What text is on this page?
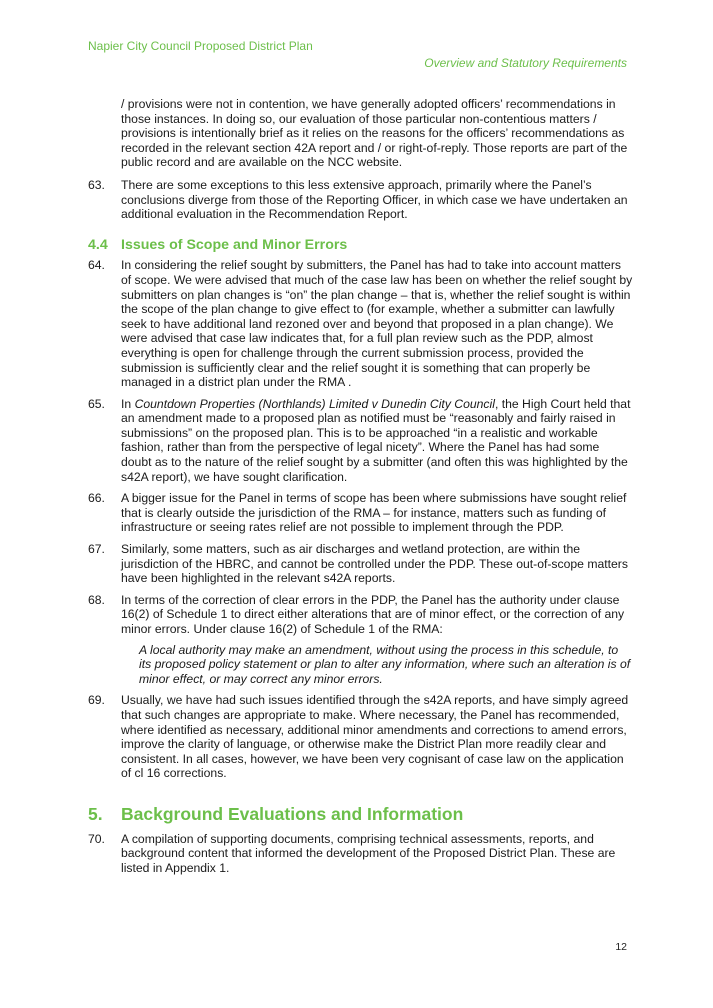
Napier City Council Proposed District Plan
Overview and Statutory Requirements
/ provisions were not in contention, we have generally adopted officers’ recommendations in those instances. In doing so, our evaluation of those particular non-contentious matters / provisions is intentionally brief as it relies on the reasons for the officers’ recommendations as recorded in the relevant section 42A report and / or right-of-reply. Those reports are part of the public record and are available on the NCC website.
63.	There are some exceptions to this less extensive approach, primarily where the Panel’s conclusions diverge from those of the Reporting Officer, in which case we have undertaken an additional evaluation in the Recommendation Report.
4.4 Issues of Scope and Minor Errors
64.	In considering the relief sought by submitters, the Panel has had to take into account matters of scope. We were advised that much of the case law has been on whether the relief sought by submitters on plan changes is “on” the plan change – that is, whether the relief sought is within the scope of the plan change to give effect to (for example, whether a submitter can lawfully seek to have additional land rezoned over and beyond that proposed in a plan change). We were advised that case law indicates that, for a full plan review such as the PDP, almost everything is open for challenge through the current submission process, provided the submission is sufficiently clear and the relief sought it is something that can properly be managed in a district plan under the RMA .
65.	In Countdown Properties (Northlands) Limited v Dunedin City Council, the High Court held that an amendment made to a proposed plan as notified must be “reasonably and fairly raised in submissions” on the proposed plan. This is to be approached “in a realistic and workable fashion, rather than from the perspective of legal nicety”. Where the Panel has had some doubt as to the nature of the relief sought by a submitter (and often this was highlighted by the s42A report), we have sought clarification.
66.	A bigger issue for the Panel in terms of scope has been where submissions have sought relief that is clearly outside the jurisdiction of the RMA – for instance, matters such as funding of infrastructure or seeing rates relief are not possible to implement through the PDP.
67.	Similarly, some matters, such as air discharges and wetland protection, are within the jurisdiction of the HBRC, and cannot be controlled under the PDP. These out-of-scope matters have been highlighted in the relevant s42A reports.
68.	In terms of the correction of clear errors in the PDP, the Panel has the authority under clause 16(2) of Schedule 1 to direct either alterations that are of minor effect, or the correction of any minor errors. Under clause 16(2) of Schedule 1 of the RMA:
A local authority may make an amendment, without using the process in this schedule, to its proposed policy statement or plan to alter any information, where such an alteration is of minor effect, or may correct any minor errors.
69.	Usually, we have had such issues identified through the s42A reports, and have simply agreed that such changes are appropriate to make. Where necessary, the Panel has recommended, where identified as necessary, additional minor amendments and corrections to amend errors, improve the clarity of language, or otherwise make the District Plan more readily clear and consistent. In all cases, however, we have been very cognisant of case law on the application of cl 16 corrections.
5.	Background Evaluations and Information
70.	A compilation of supporting documents, comprising technical assessments, reports, and background content that informed the development of the Proposed District Plan. These are listed in Appendix 1.
12
